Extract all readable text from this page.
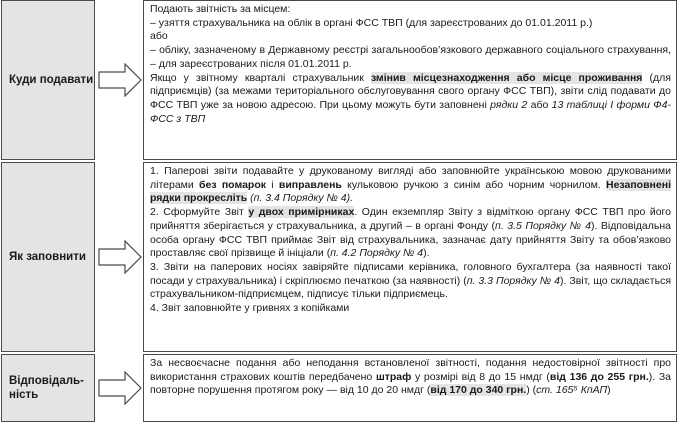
Куди подавати
Подають звітність за місцем:
– узяття страхувальника на облік в органі ФСС ТВП (для зареєстрованих до 01.01.2011 р.)
або
– обліку, зазначеному в Державному реєстрі загальнообов’язкового державного соціального страхування, – для зареєстрованих після 01.01.2011 р.
Якщо у звітному кварталі страхувальник змінив місцезнаходження або місце проживання (для підприємців) (за межами територіального обслуговування свого органу ФСС ТВП), звіти слід подавати до ФСС ТВП уже за новою адресою. При цьому можуть бути заповнені рядки 2 або 13 таблиці І форми Ф4-ФСС з ТВП
Як заповнити
1. Паперові звіти подавайте у друкованому вигляді або заповнюйте українською мовою друкованими літерами без помарок і виправлень кульковою ручкою з синім або чорним чорнилом. Незаповнені рядки прокресліть (п. 3.4 Порядку № 4).
2. Сформуйте Звіт у двох примірниках. Один екземпляр Звіту з відміткою органу ФСС ТВП про його прийняття зберігається у страхувальника, а другий – в органі Фонду (п. 3.5 Порядку № 4). Відповідальна особа органу ФСС ТВП приймає Звіт від страхувальника, зазначає дату прийняття Звіту та обов’язково проставляє свої прізвище й ініціали (п. 4.2 Порядку № 4).
3. Звіти на паперових носіях завіряйте підписами керівника, головного бухгалтера (за наявності такої посади у страхувальника) і скріплюємо печаткою (за наявності) (п. 3.3 Порядку № 4). Звіт, що складається страхувальником-підприємцем, підписує тільки підприємець.
4. Звіт заповнюйте у гривнях з копійками
Відповідаль-
ність
За несвоєчасне подання або неподання встановленої звітності, подання недостовірної звітності про використання страхових коштів передбачено штраф у розмірі від 8 до 15 нмдг (від 136 до 255 грн.). За повторне порушення протягом року — від 10 до 20 нмдг (від 170 до 340 грн.) (ст. 165⁵ КпАП)
